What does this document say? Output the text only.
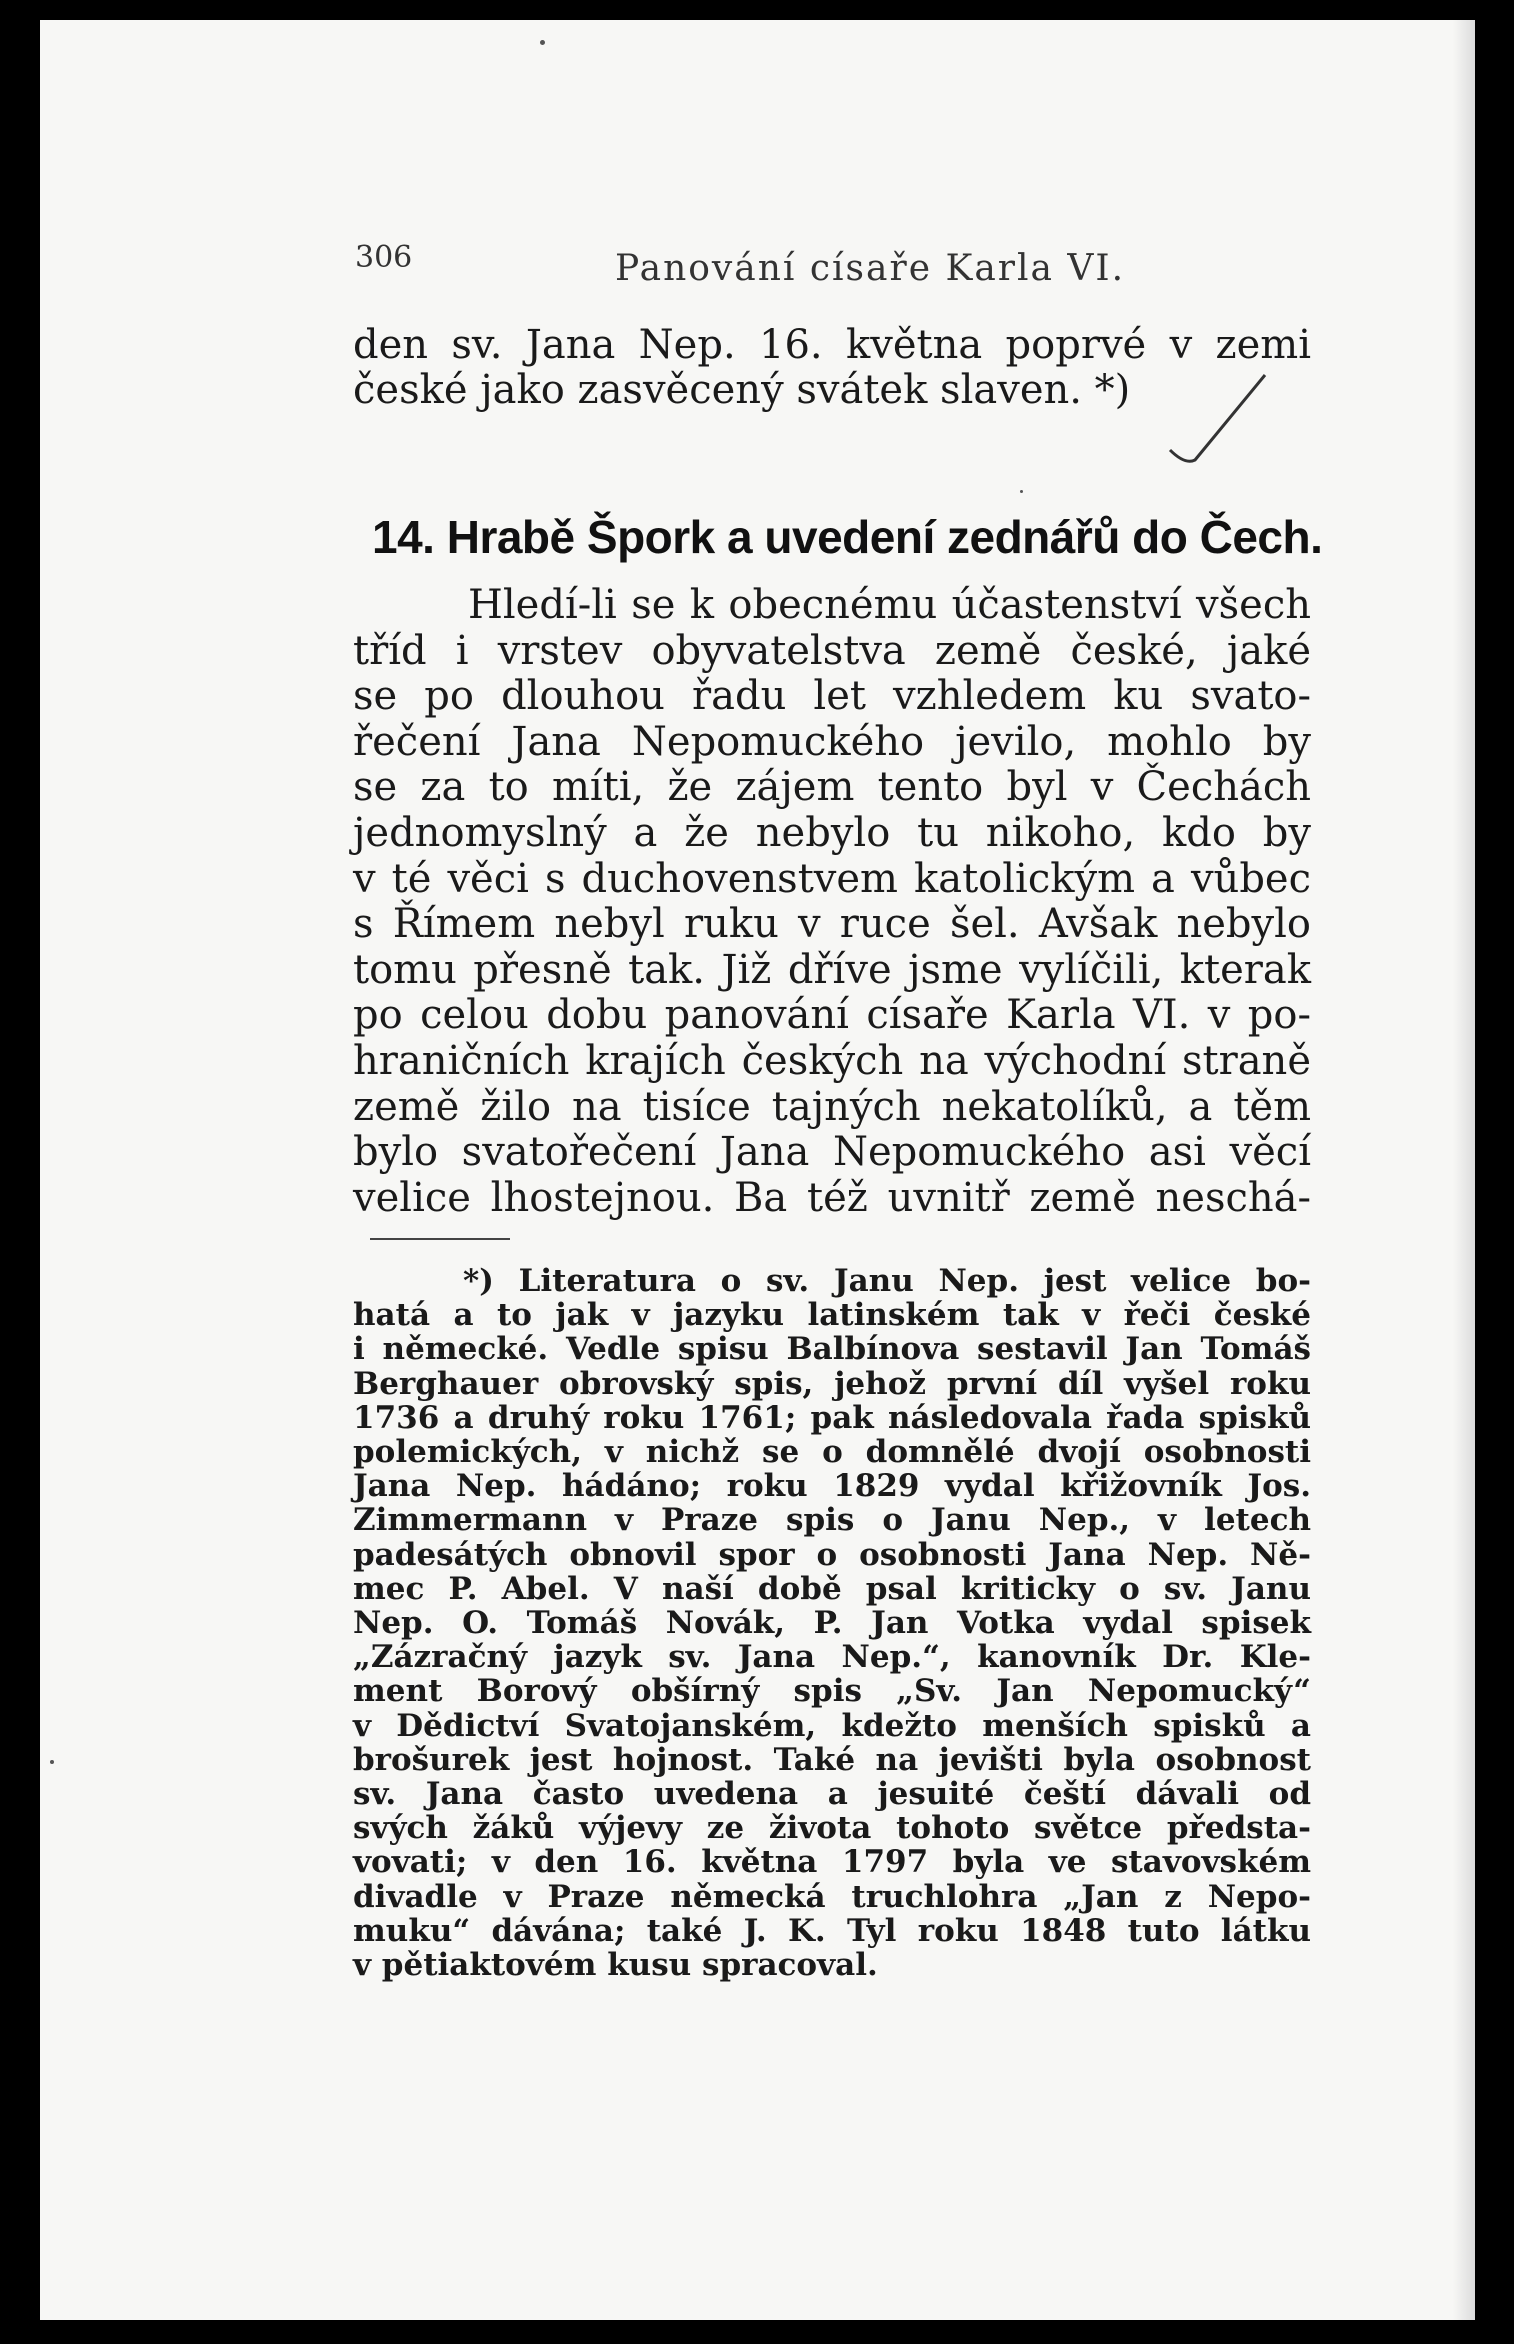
306	Panování císaře Karla VI.
den sv. Jana Nep. 16. května poprvé v zemi
české jako zasvěcený svátek slaven. *)
14. Hrabě Špork a uvedení zednářů do Čech.
Hledí-li se k obecnému účastenství všech
tříd i vrstev obyvatelstva země české, jaké
se po dlouhou řadu let vzhledem ku svato-
řečení Jana Nepomuckého jevilo, mohlo by
se za to míti, že zájem tento byl v Čechách
jednomyslný a že nebylo tu nikoho, kdo by
v té věci s duchovenstvem katolickým a vůbec
s Římem nebyl ruku v ruce šel. Avšak nebylo
tomu přesně tak. Již dříve jsme vylíčili, kterak
po celou dobu panování císaře Karla VI. v po-
hraničních krajích českých na východní straně
země žilo na tisíce tajných nekatolíků, a těm
bylo svatořečení Jana Nepomuckého asi věcí
velice lhostejnou. Ba též uvnitř země neschá-
*) Literatura o sv. Janu Nep. jest velice bo-
hatá a to jak v jazyku latinském tak v řeči české
i německé. Vedle spisu Balbínova sestavil Jan Tomáš
Berghauer obrovský spis, jehož první díl vyšel roku
1736 a druhý roku 1761; pak následovala řada spisků
polemických, v nichž se o domnělé dvojí osobnosti
Jana Nep. hádáno; roku 1829 vydal křižovník Jos.
Zimmermann v Praze spis o Janu Nep., v letech
padesátých obnovil spor o osobnosti Jana Nep. Ně-
mec P. Abel. V naší době psal kriticky o sv. Janu
Nep. O. Tomáš Novák, P. Jan Votka vydal spisek
„Zázračný jazyk sv. Jana Nep.“, kanovník Dr. Kle-
ment Borový obšírný spis „Sv. Jan Nepomucký“
v Dědictví Svatojanském, kdežto menších spisků a
brošurek jest hojnost. Také na jevišti byla osobnost
sv. Jana často uvedena a jesuité čeští dávali od
svých žáků výjevy ze života tohoto světce předsta-
vovati; v den 16. května 1797 byla ve stavovském
divadle v Praze německá truchlohra „Jan z Nepo-
muku“ dávána; také J. K. Tyl roku 1848 tuto látku
v pětiaktovém kusu spracoval.
